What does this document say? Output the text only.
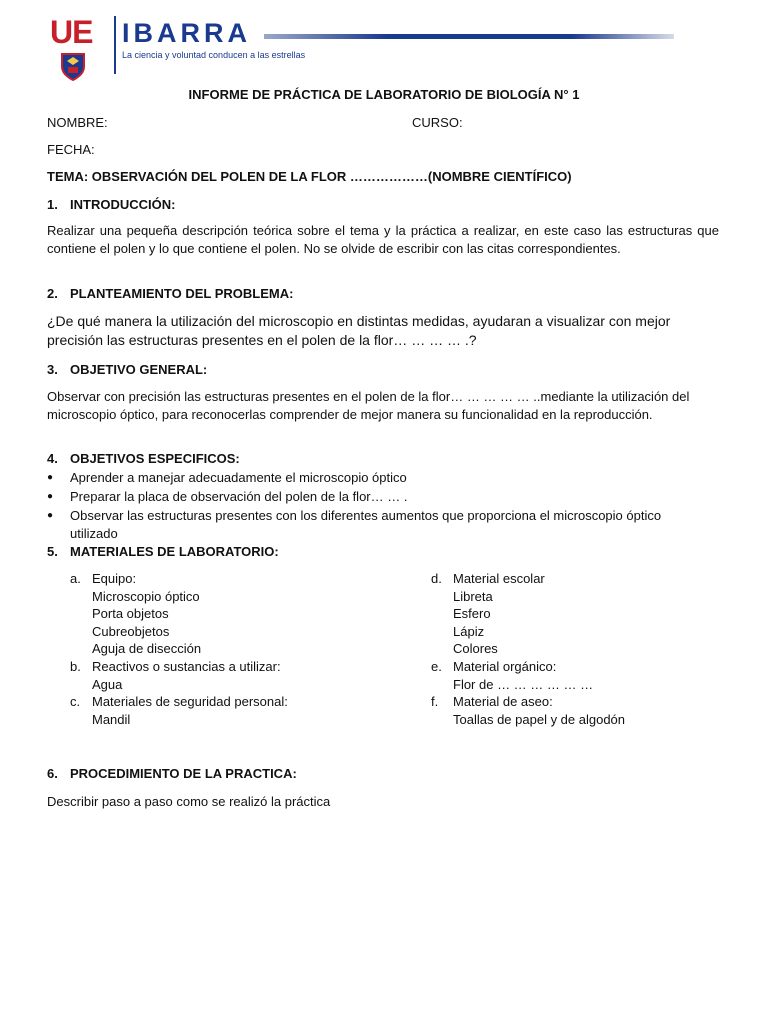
UE IBARRA
La ciencia y voluntad conducen a las estrellas
INFORME DE PRÁCTICA DE LABORATORIO DE BIOLOGÍA N° 1
NOMBRE:	CURSO:
FECHA:
TEMA: OBSERVACIÓN DEL POLEN DE LA FLOR ………………(NOMBRE CIENTÍFICO)
1. INTRODUCCIÓN:
Realizar una pequeña descripción teórica sobre el tema y la práctica a realizar, en este caso las estructuras que contiene el polen y lo que contiene el polen. No se olvide de escribir con las citas correspondientes.
2. PLANTEAMIENTO DEL PROBLEMA:
¿De qué manera la utilización del microscopio en distintas medidas, ayudaran a visualizar con mejor precisión las estructuras presentes en el polen de la flor… … … … .?
3. OBJETIVO GENERAL:
Observar con precisión las estructuras presentes en el polen de la flor… … … … … ..mediante la utilización del microscopio óptico, para reconocerlas comprender de mejor manera su funcionalidad en la reproducción.
4. OBJETIVOS ESPECIFICOS:
● Aprender a manejar adecuadamente el microscopio óptico
● Preparar la placa de observación del polen de la flor… … .
● Observar las estructuras presentes con los diferentes aumentos que proporciona el microscopio óptico
utilizado
5. MATERIALES DE LABORATORIO:
a. Equipo:
Microscopio óptico
Porta objetos
Cubreobjetos
Aguja de disección
b. Reactivos o sustancias a utilizar:
Agua
c. Materiales de seguridad personal:
Mandil
d. Material escolar
Libreta
Esfero
Lápiz
Colores
e. Material orgánico:
Flor de … … … … … …
f. Material de aseo:
Toallas de papel y de algodón
6. PROCEDIMIENTO DE LA PRACTICA:
Describir paso a paso como se realizó la práctica
